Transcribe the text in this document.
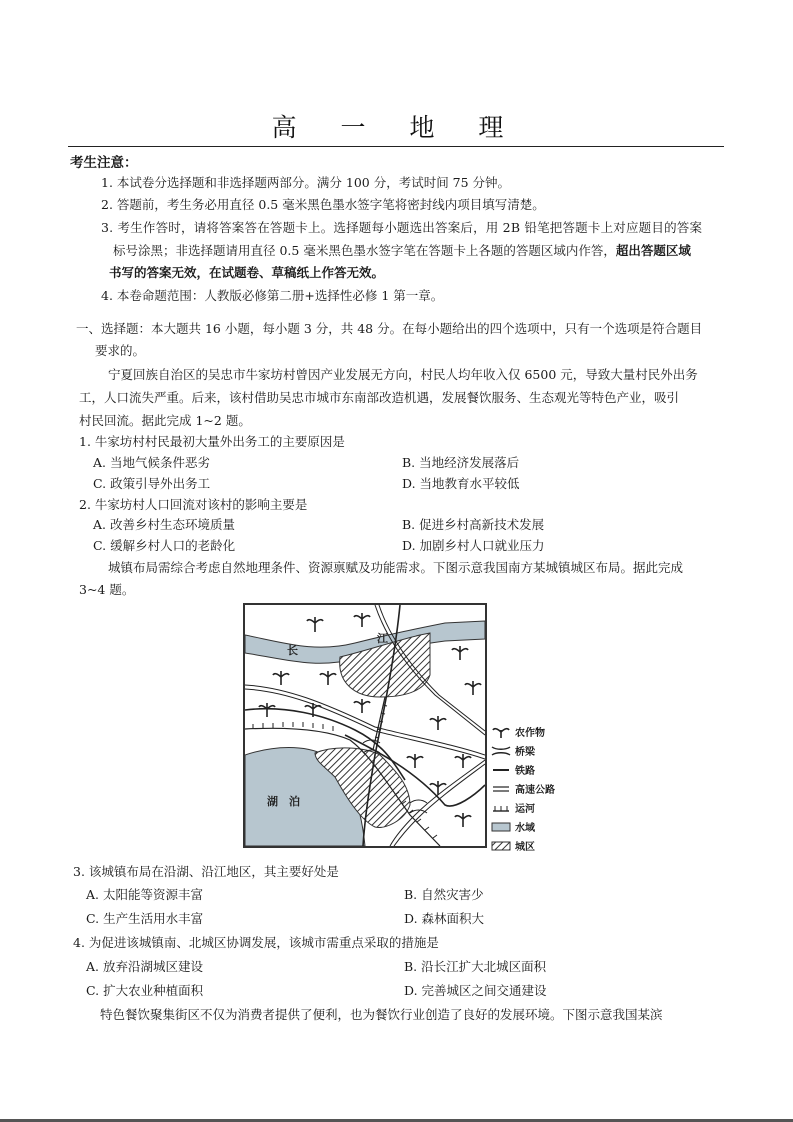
高 一 地 理
考生注意：
1. 本试卷分选择题和非选择题两部分。满分 100 分，考试时间 75 分钟。
2. 答题前，考生务必用直径 0.5 毫米黑色墨水签字笔将密封线内项目填写清楚。
3. 考生作答时，请将答案答在答题卡上。选择题每小题选出答案后，用 2B 铅笔把答题卡上对应题目的答案
标号涂黑；非选择题请用直径 0.5 毫米黑色墨水签字笔在答题卡上各题的答题区域内作答，超出答题区域
书写的答案无效，在试题卷、草稿纸上作答无效。
4. 本卷命题范围：人教版必修第二册+选择性必修 1 第一章。
一、选择题：本大题共 16 小题，每小题 3 分，共 48 分。在每小题给出的四个选项中，只有一个选项是符合题目
要求的。
宁夏回族自治区的吴忠市牛家坊村曾因产业发展无方向，村民人均年收入仅 6500 元，导致大量村民外出务
工，人口流失严重。后来，该村借助吴忠市城市东南部改造机遇，发展餐饮服务、生态观光等特色产业，吸引
村民回流。据此完成 1~2 题。
1. 牛家坊村村民最初大量外出务工的主要原因是
A. 当地气候条件恶劣	B. 当地经济发展落后
C. 政策引导外出务工	D. 当地教育水平较低
2. 牛家坊村人口回流对该村的影响主要是
A. 改善乡村生态环境质量	B. 促进乡村高新技术发展
C. 缓解乡村人口的老龄化	D. 加剧乡村人口就业压力
城镇布局需综合考虑自然地理条件、资源禀赋及功能需求。下图示意我国南方某城镇城区布局。据此完成
3~4 题。
长
江
湖　泊
农作物
桥梁
铁路
高速公路
运河
水域
城区
3. 该城镇布局在沿湖、沿江地区，其主要好处是
A. 太阳能等资源丰富	B. 自然灾害少
C. 生产生活用水丰富	D. 森林面积大
4. 为促进该城镇南、北城区协调发展，该城市需重点采取的措施是
A. 放弃沿湖城区建设	B. 沿长江扩大北城区面积
C. 扩大农业种植面积	D. 完善城区之间交通建设
特色餐饮聚集街区不仅为消费者提供了便利，也为餐饮行业创造了良好的发展环境。下图示意我国某滨
